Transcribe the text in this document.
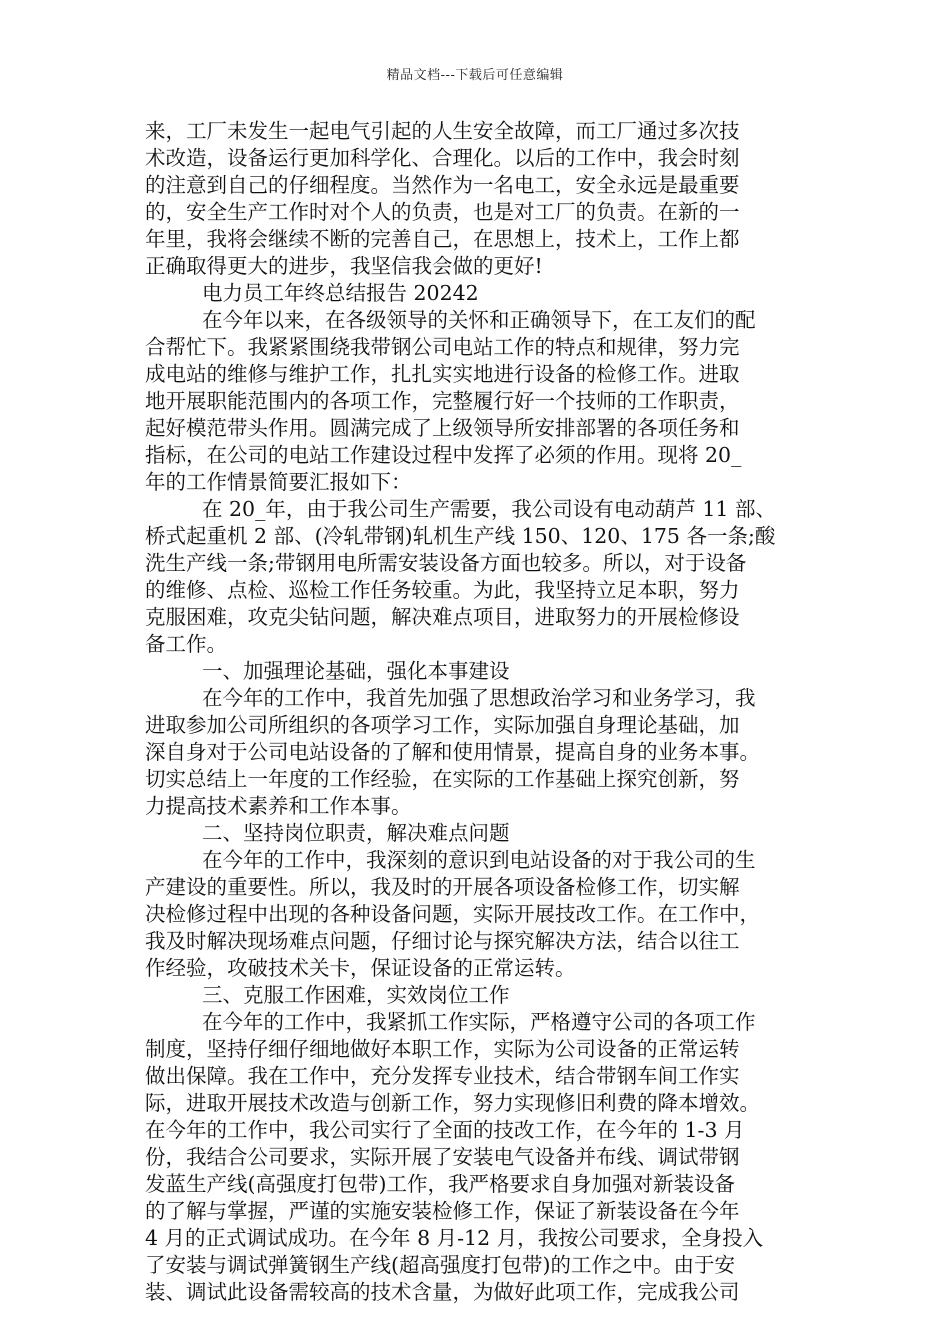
精品文档---下载后可任意编辑
来，工厂未发生一起电气引起的人生安全故障，而工厂通过多次技
术改造，设备运行更加科学化、合理化。以后的工作中，我会时刻
的注意到自己的仔细程度。当然作为一名电工，安全永远是最重要
的，安全生产工作时对个人的负责，也是对工厂的负责。在新的一
年里，我将会继续不断的完善自己，在思想上，技术上，工作上都
正确取得更大的进步，我坚信我会做的更好!
电力员工年终总结报告 20242
在今年以来，在各级领导的关怀和正确领导下，在工友们的配
合帮忙下。我紧紧围绕我带钢公司电站工作的特点和规律，努力完
成电站的维修与维护工作，扎扎实实地进行设备的检修工作。进取
地开展职能范围内的各项工作，完整履行好一个技师的工作职责，
起好模范带头作用。圆满完成了上级领导所安排部署的各项任务和
指标，在公司的电站工作建设过程中发挥了必须的作用。现将 20_
年的工作情景简要汇报如下：
在 20_年，由于我公司生产需要，我公司设有电动葫芦 11 部、
桥式起重机 2 部、(冷轧带钢)轧机生产线 150、120、175 各一条;酸
洗生产线一条;带钢用电所需安装设备方面也较多。所以，对于设备
的维修、点检、巡检工作任务较重。为此，我坚持立足本职，努力
克服困难，攻克尖钻问题，解决难点项目，进取努力的开展检修设
备工作。
一、加强理论基础，强化本事建设
在今年的工作中，我首先加强了思想政治学习和业务学习，我
进取参加公司所组织的各项学习工作，实际加强自身理论基础，加
深自身对于公司电站设备的了解和使用情景，提高自身的业务本事。
切实总结上一年度的工作经验，在实际的工作基础上探究创新，努
力提高技术素养和工作本事。
二、坚持岗位职责，解决难点问题
在今年的工作中，我深刻的意识到电站设备的对于我公司的生
产建设的重要性。所以，我及时的开展各项设备检修工作，切实解
决检修过程中出现的各种设备问题，实际开展技改工作。在工作中，
我及时解决现场难点问题，仔细讨论与探究解决方法，结合以往工
作经验，攻破技术关卡，保证设备的正常运转。
三、克服工作困难，实效岗位工作
在今年的工作中，我紧抓工作实际，严格遵守公司的各项工作
制度，坚持仔细仔细地做好本职工作，实际为公司设备的正常运转
做出保障。我在工作中，充分发挥专业技术，结合带钢车间工作实
际，进取开展技术改造与创新工作，努力实现修旧利费的降本增效。
在今年的工作中，我公司实行了全面的技改工作，在今年的 1-3 月
份，我结合公司要求，实际开展了安装电气设备并布线、调试带钢
发蓝生产线(高强度打包带)工作，我严格要求自身加强对新装设备
的了解与掌握，严谨的实施安装检修工作，保证了新装设备在今年
4 月的正式调试成功。在今年 8 月-12 月，我按公司要求，全身投入
了安装与调试弹簧钢生产线(超高强度打包带)的工作之中。由于安
装、调试此设备需较高的技术含量，为做好此项工作，完成我公司
